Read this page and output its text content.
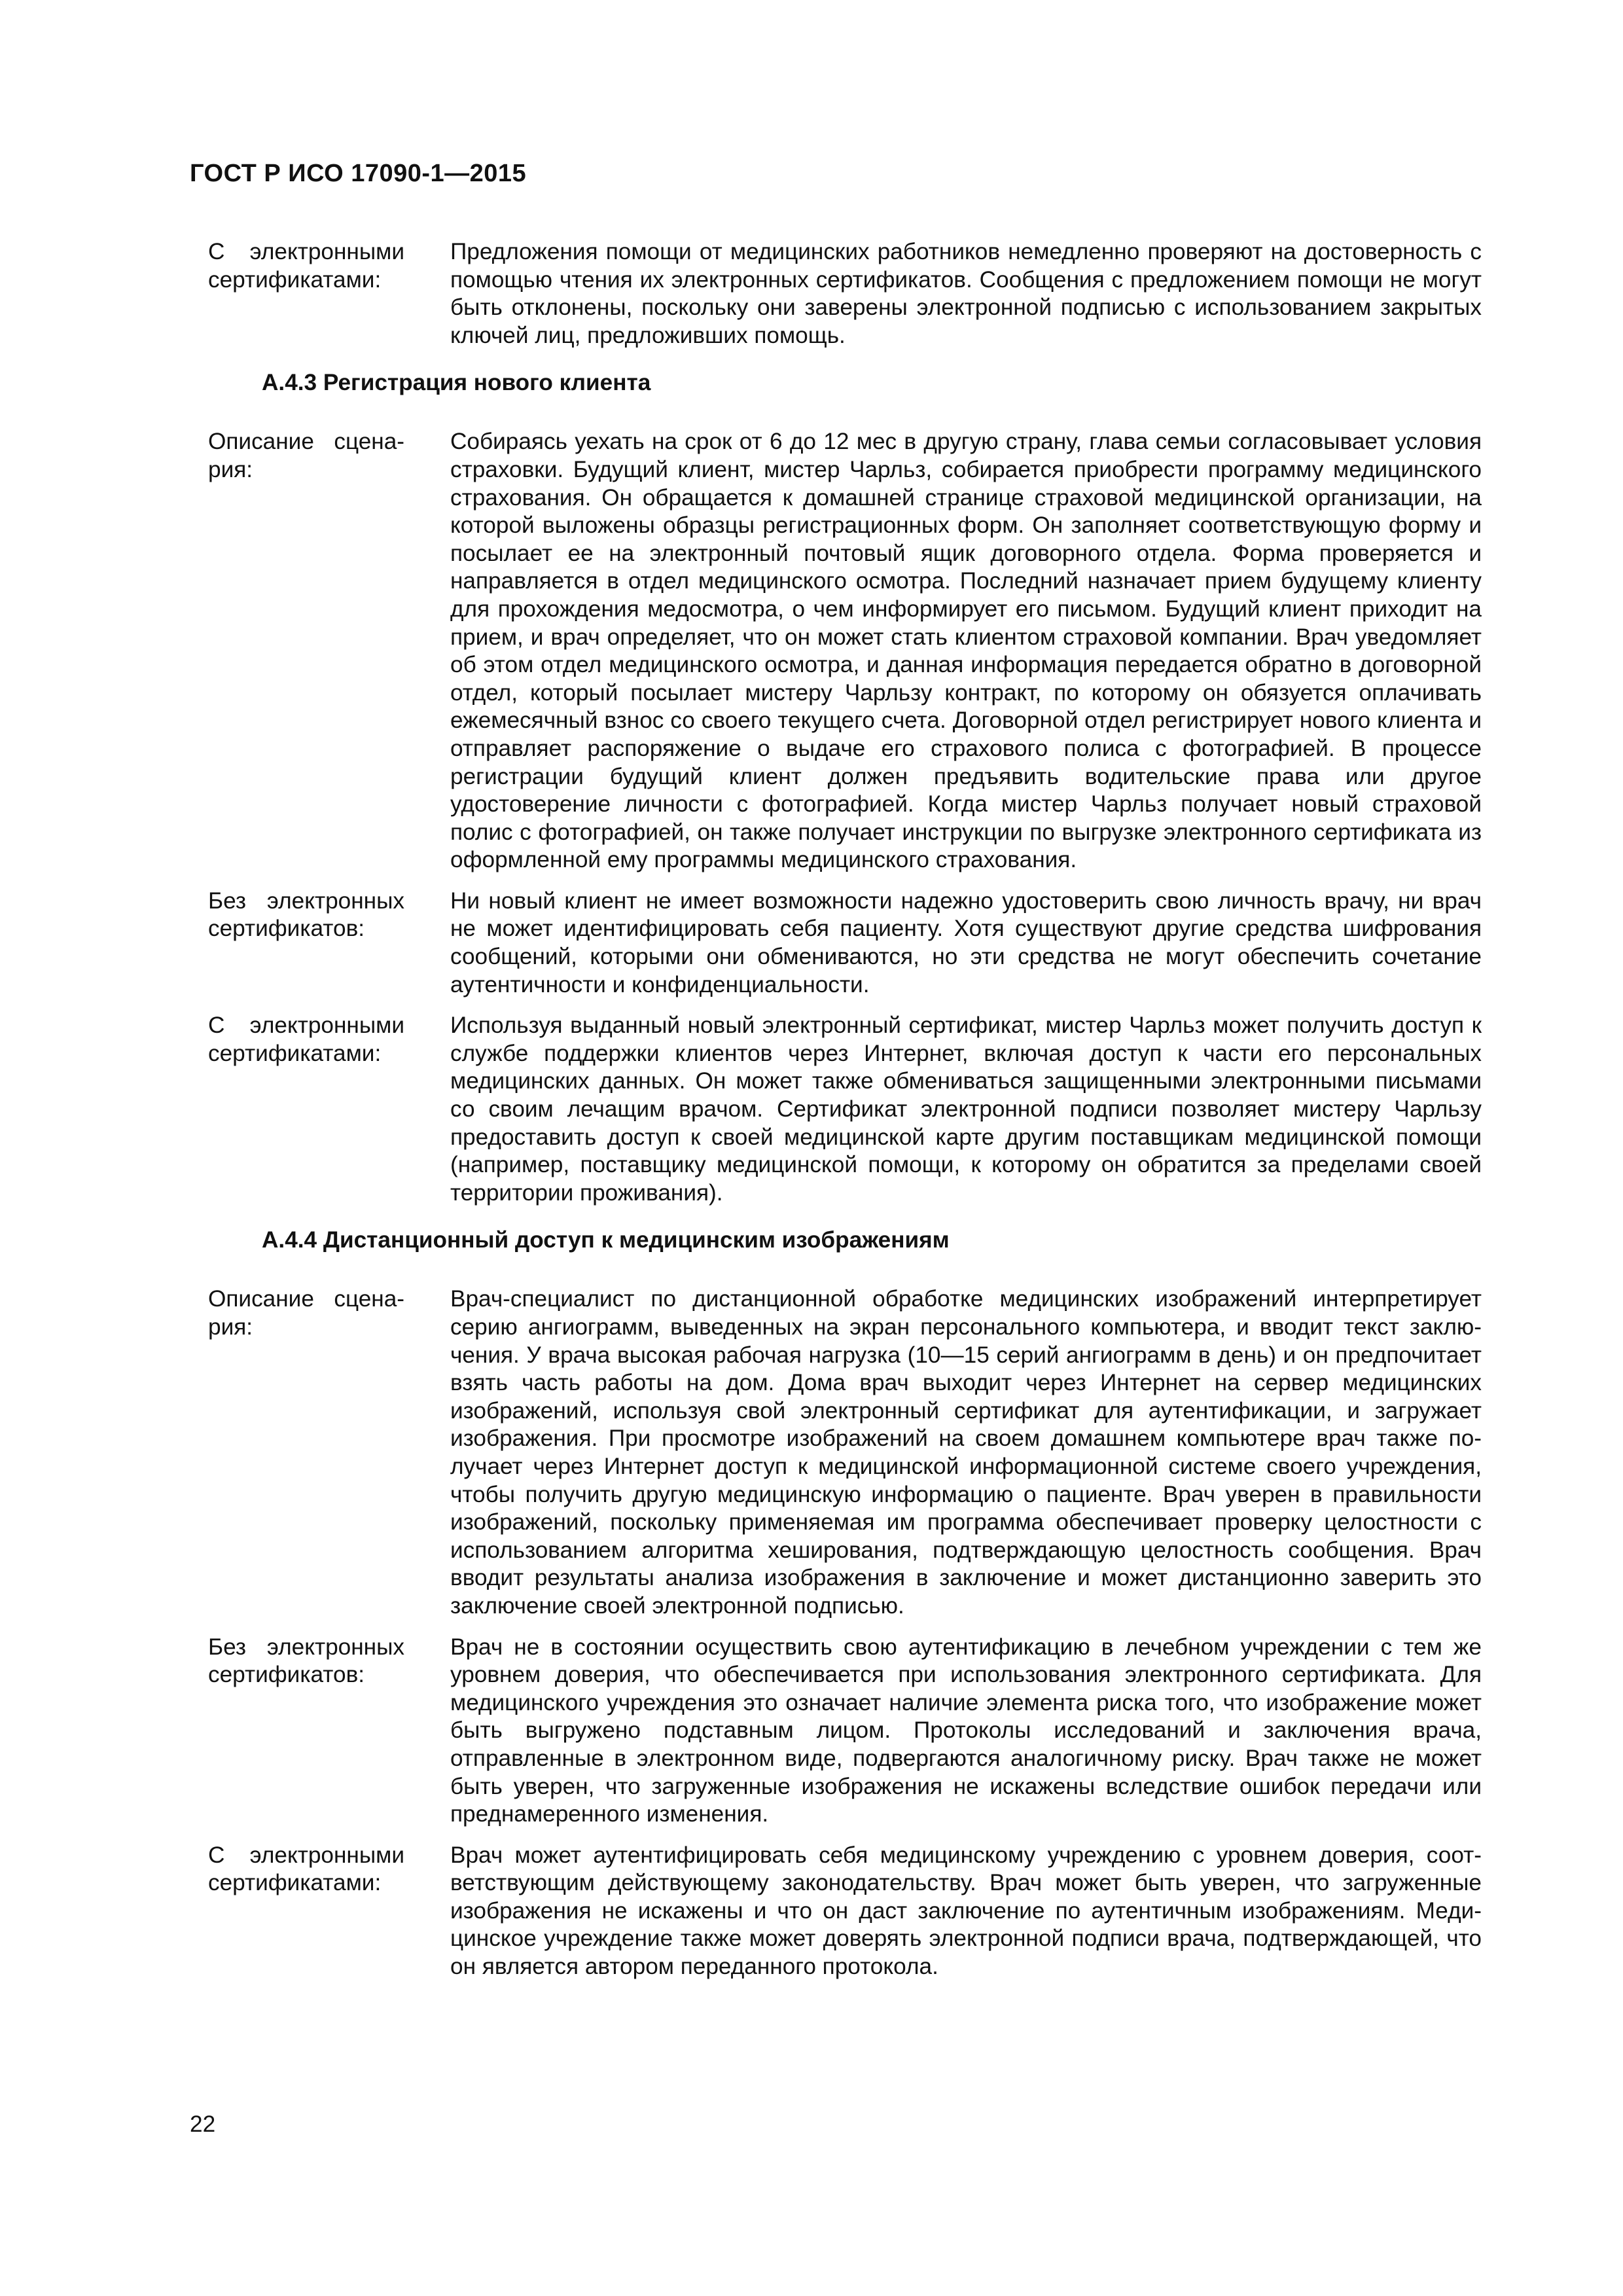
ГОСТ Р ИСО 17090-1—2015
С электронными сертификатами:
Предложения помощи от медицинских работников немедленно проверяют на достоверность с помощью чтения их электронных сертификатов. Сообщения с предложением помощи не могут быть отклонены, поскольку они заверены электронной подписью с использованием закрытых ключей лиц, предложивших помощь.
А.4.3 Регистрация нового клиента
Описание сценария:
Собираясь уехать на срок от 6 до 12 мес в другую страну, глава семьи согласовывает условия страховки. Будущий клиент, мистер Чарльз, собирается приобрести программу медицинского страхования. Он обращается к домашней странице страховой медицинской организации, на которой выложены образцы регистрационных форм. Он заполняет соответствующую форму и посылает ее на электронный почтовый ящик договорного отдела. Форма проверяется и направляется в отдел медицинского осмотра. Последний назначает прием будущему клиенту для прохождения медосмотра, о чем информирует его письмом. Будущий клиент приходит на прием, и врач определяет, что он может стать клиентом страховой компании. Врач уведомляет об этом отдел медицинского осмотра, и данная информация передается обратно в договорной отдел, который посылает мистеру Чарльзу контракт, по которому он обязуется оплачивать ежемесячный взнос со своего текущего счета. Договорной отдел регистрирует нового клиента и отправляет распоряжение о выдаче его страхового полиса с фотографией. В процессе регистрации будущий клиент должен предъявить водительские права или другое удостоверение личности с фотографией. Когда мистер Чарльз получает новый страховой полис с фотографией, он также получает инструкции по выгрузке электронного сертификата из оформленной ему программы медицинского страхования.
Без электронных сертификатов:
Ни новый клиент не имеет возможности надежно удостоверить свою личность врачу, ни врач не может идентифицировать себя пациенту. Хотя существуют другие средства шифрования сообщений, которыми они обмениваются, но эти средства не могут обеспечить сочетание аутентичности и конфиденциальности.
С электронными сертификатами:
Используя выданный новый электронный сертификат, мистер Чарльз может получить доступ к службе поддержки клиентов через Интернет, включая доступ к части его персональных медицинских данных. Он может также обмениваться защищенными электронными письмами со своим лечащим врачом. Сертификат электронной подписи позволяет мистеру Чарльзу предоставить доступ к своей медицинской карте другим поставщикам медицинской помощи (например, поставщику медицинской помощи, к которому он обратится за пределами своей территории проживания).
А.4.4 Дистанционный доступ к медицинским изображениям
Описание сценария:
Врач-специалист по дистанционной обработке медицинских изображений интерпретирует серию ангиограмм, выведенных на экран персонального компьютера, и вводит текст заключения. У врача высокая рабочая нагрузка (10—15 серий ангиограмм в день) и он предпочитает взять часть работы на дом. Дома врач выходит через Интернет на сервер медицинских изображений, используя свой электронный сертификат для аутентификации, и загружает изображения. При просмотре изображений на своем домашнем компьютере врач также получает через Интернет доступ к медицинской информационной системе своего учреждения, чтобы получить другую медицинскую информацию о пациенте. Врач уверен в правильности изображений, поскольку применяемая им программа обеспечивает проверку целостности с использованием алгоритма хеширования, подтверждающую целостность сообщения. Врач вводит результаты анализа изображения в заключение и может дистанционно заверить это заключение своей электронной подписью.
Без электронных сертификатов:
Врач не в состоянии осуществить свою аутентификацию в лечебном учреждении с тем же уровнем доверия, что обеспечивается при использования электронного сертификата. Для медицинского учреждения это означает наличие элемента риска того, что изображение может быть выгружено подставным лицом. Протоколы исследований и заключения врача, отправленные в электронном виде, подвергаются аналогичному риску. Врач также не может быть уверен, что загруженные изображения не искажены вследствие ошибок передачи или преднамеренного изменения.
С электронными сертификатами:
Врач может аутентифицировать себя медицинскому учреждению с уровнем доверия, соответствующим действующему законодательству. Врач может быть уверен, что загруженные изображения не искажены и что он даст заключение по аутентичным изображениям. Медицинское учреждение также может доверять электронной подписи врача, подтверждающей, что он является автором переданного протокола.
22
